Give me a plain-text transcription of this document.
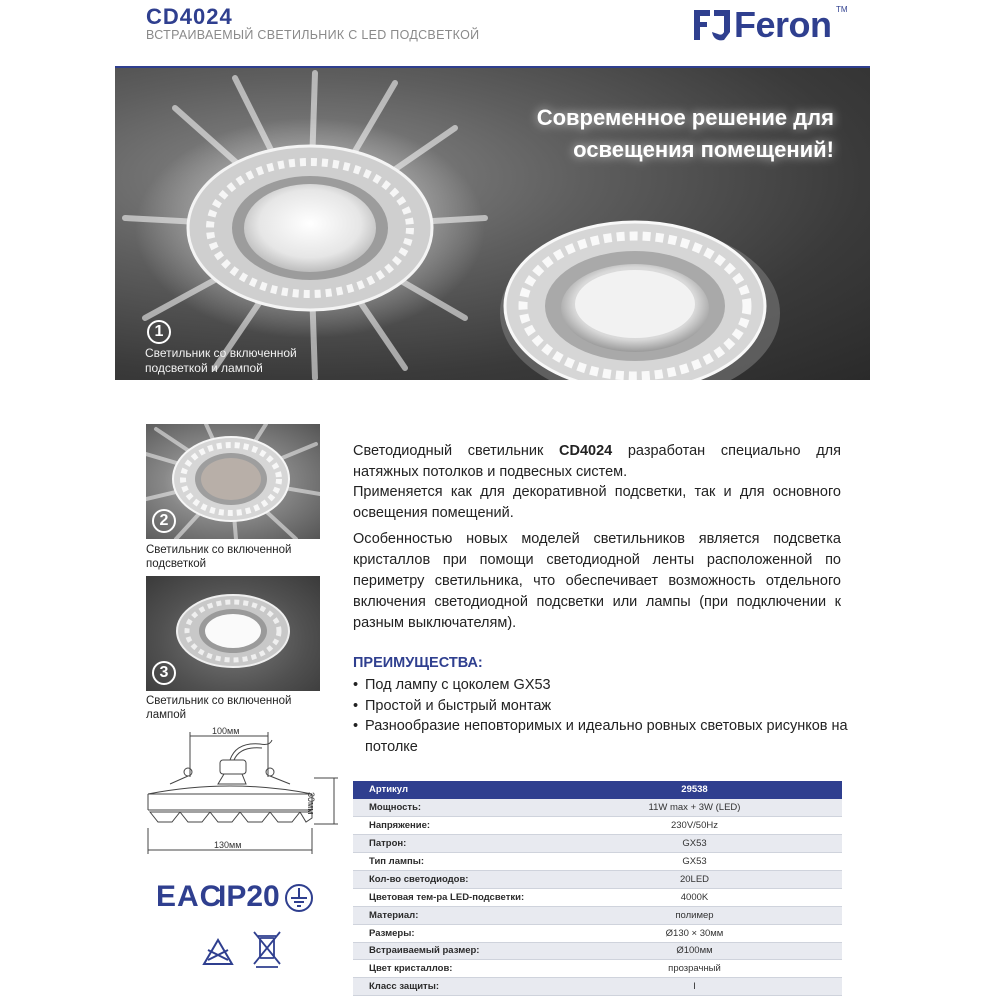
CD4024
ВСТРАИВАЕМЫЙ СВЕТИЛЬНИК С LED ПОДСВЕТКОЙ	Feron TM
Современное решение для
освещения помещений!
1
Светильник со включенной
подсветкой и лампой
2
Светильник со включенной
подсветкой
3
Светильник со включенной
лампой
Светодиодный светильник CD4024 разработан специально для натяжных потолков и подвесных систем.
Применяется как для декоративной подсветки, так и для основного освещения помещений.
Особенностью новых моделей светильников является подсветка кристаллов при помощи светодиодной ленты расположенной по периметру светильника, что обеспечивает возможность отдельного включения светодиодной подсветки или лампы (при подключении к разным выключателям).
ПРЕИМУЩЕСТВА:
• Под лампу с цоколем GX53
• Простой и быстрый монтаж
• Разнообразие неповторимых и идеально ровных световых рисунков на потолке
100мм
130мм
30мм
EAC
IP20
Артикул	29538
Мощность:	11W max + 3W (LED)
Напряжение:	230V/50Hz
Патрон:	GX53
Тип лампы:	GX53
Кол-во светодиодов:	20LED
Цветовая тем-ра LED-подсветки:	4000K
Материал:	полимер
Размеры:	Ø130 × 30мм
Встраиваемый размер:	Ø100мм
Цвет кристаллов:	прозрачный
Класс защиты:	I
